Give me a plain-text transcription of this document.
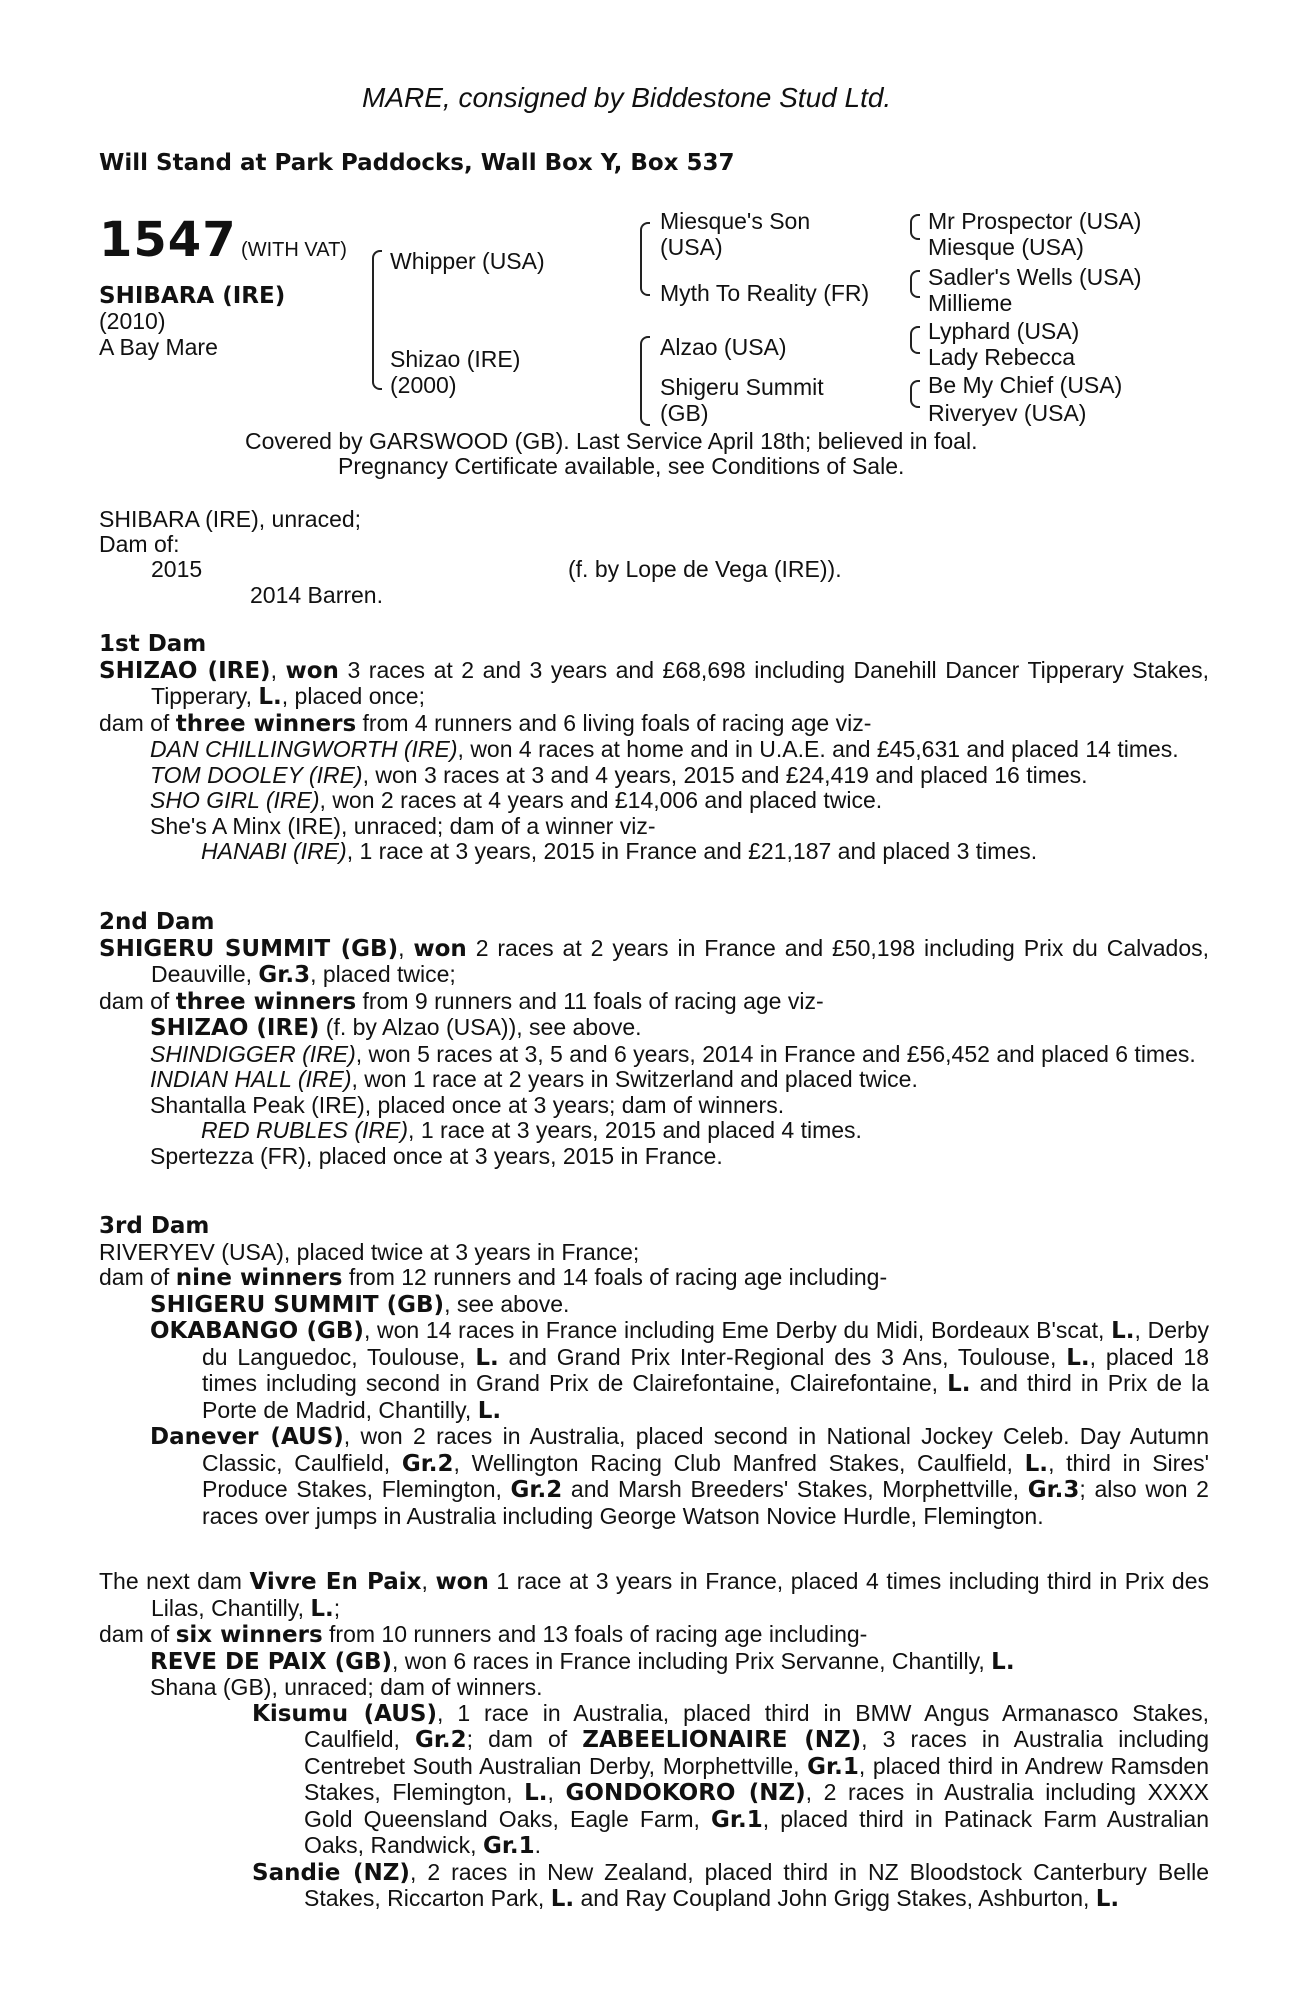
MARE, consigned by Biddestone Stud Ltd.
Will Stand at Park Paddocks, Wall Box Y, Box 537
1547 (WITH VAT)
SHIBARA (IRE)
(2010)
A Bay Mare
Whipper (USA)
Shizao (IRE)
(2000)
Miesque's Son
(USA)
Myth To Reality (FR)
Alzao (USA)
Shigeru Summit
(GB)
Mr Prospector (USA)
Miesque (USA)
Sadler's Wells (USA)
Millieme
Lyphard (USA)
Lady Rebecca
Be My Chief (USA)
Riveryev (USA)
Covered by GARSWOOD (GB). Last Service April 18th; believed in foal.
Pregnancy Certificate available, see Conditions of Sale.
SHIBARA (IRE), unraced;
Dam of:
2015	(f. by Lope de Vega (IRE)).
2014 Barren.

1st Dam

SHIZAO (IRE), won 3 races at 2 and 3 years and £68,698 including Danehill Dancer Tipperary Stakes, Tipperary, L., placed once;

dam of three winners from 4 runners and 6 living foals of racing age viz-

DAN CHILLINGWORTH (IRE), won 4 races at home and in U.A.E. and £45,631 and placed 14 times.

TOM DOOLEY (IRE), won 3 races at 3 and 4 years, 2015 and £24,419 and placed 16 times.

SHO GIRL (IRE), won 2 races at 4 years and £14,006 and placed twice.

She's A Minx (IRE), unraced; dam of a winner viz-

HANABI (IRE), 1 race at 3 years, 2015 in France and £21,187 and placed 3 times.

2nd Dam

SHIGERU SUMMIT (GB), won 2 races at 2 years in France and £50,198 including Prix du Calvados, Deauville, Gr.3, placed twice;

dam of three winners from 9 runners and 11 foals of racing age viz-

SHIZAO (IRE) (f. by Alzao (USA)), see above.

SHINDIGGER (IRE), won 5 races at 3, 5 and 6 years, 2014 in France and £56,452 and placed 6 times.

INDIAN HALL (IRE), won 1 race at 2 years in Switzerland and placed twice.

Shantalla Peak (IRE), placed once at 3 years; dam of winners.

RED RUBLES (IRE), 1 race at 3 years, 2015 and placed 4 times.

Spertezza (FR), placed once at 3 years, 2015 in France.

3rd Dam

RIVERYEV (USA), placed twice at 3 years in France;

dam of nine winners from 12 runners and 14 foals of racing age including-

SHIGERU SUMMIT (GB), see above.

OKABANGO (GB), won 14 races in France including Eme Derby du Midi, Bordeaux B'scat, L., Derby du Languedoc, Toulouse, L. and Grand Prix Inter-Regional des 3 Ans, Toulouse, L., placed 18 times including second in Grand Prix de Clairefontaine, Clairefontaine, L. and third in Prix de la Porte de Madrid, Chantilly, L.

Danever (AUS), won 2 races in Australia, placed second in National Jockey Celeb. Day Autumn Classic, Caulfield, Gr.2, Wellington Racing Club Manfred Stakes, Caulfield, L., third in Sires' Produce Stakes, Flemington, Gr.2 and Marsh Breeders' Stakes, Morphettville, Gr.3; also won 2 races over jumps in Australia including George Watson Novice Hurdle, Flemington.

The next dam Vivre En Paix, won 1 race at 3 years in France, placed 4 times including third in Prix des Lilas, Chantilly, L.;

dam of six winners from 10 runners and 13 foals of racing age including-

REVE DE PAIX (GB), won 6 races in France including Prix Servanne, Chantilly, L.

Shana (GB), unraced; dam of winners.

Kisumu (AUS), 1 race in Australia, placed third in BMW Angus Armanasco Stakes, Caulfield, Gr.2; dam of ZABEELIONAIRE (NZ), 3 races in Australia including Centrebet South Australian Derby, Morphettville, Gr.1, placed third in Andrew Ramsden Stakes, Flemington, L., GONDOKORO (NZ), 2 races in Australia including XXXX Gold Queensland Oaks, Eagle Farm, Gr.1, placed third in Patinack Farm Australian Oaks, Randwick, Gr.1.

Sandie (NZ), 2 races in New Zealand, placed third in NZ Bloodstock Canterbury Belle Stakes, Riccarton Park, L. and Ray Coupland John Grigg Stakes, Ashburton, L.
